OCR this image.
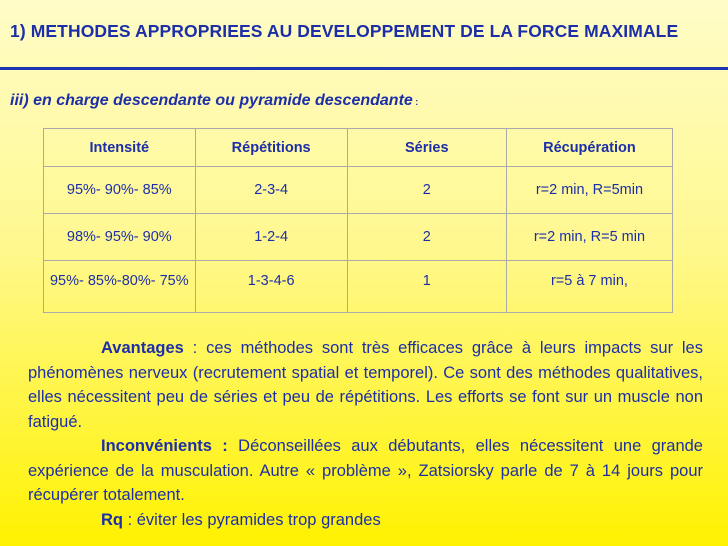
1) METHODES APPROPRIEES AU DEVELOPPEMENT DE LA FORCE MAXIMALE
iii) en charge descendante ou pyramide descendante :
Intensité	Répétitions	Séries	Récupération
95%- 90%- 85%	2-3-4	2	r=2 min, R=5min
98%- 95%- 90%	1-2-4	2	r=2 min, R=5 min
95%- 85%-80%- 75%	1-3-4-6	1	r=5 à 7 min,

Avantages : ces méthodes sont très efficaces grâce à leurs impacts sur les phénomènes nerveux (recrutement spatial et temporel). Ce sont des méthodes qualitatives, elles nécessitent peu de séries et peu de répétitions. Les efforts se font sur un muscle non fatigué.

Inconvénients : Déconseillées aux débutants, elles nécessitent une grande expérience de la musculation. Autre « problème », Zatsiorsky parle de 7 à 14 jours pour récupérer totalement.

Rq : éviter les pyramides trop grandes
